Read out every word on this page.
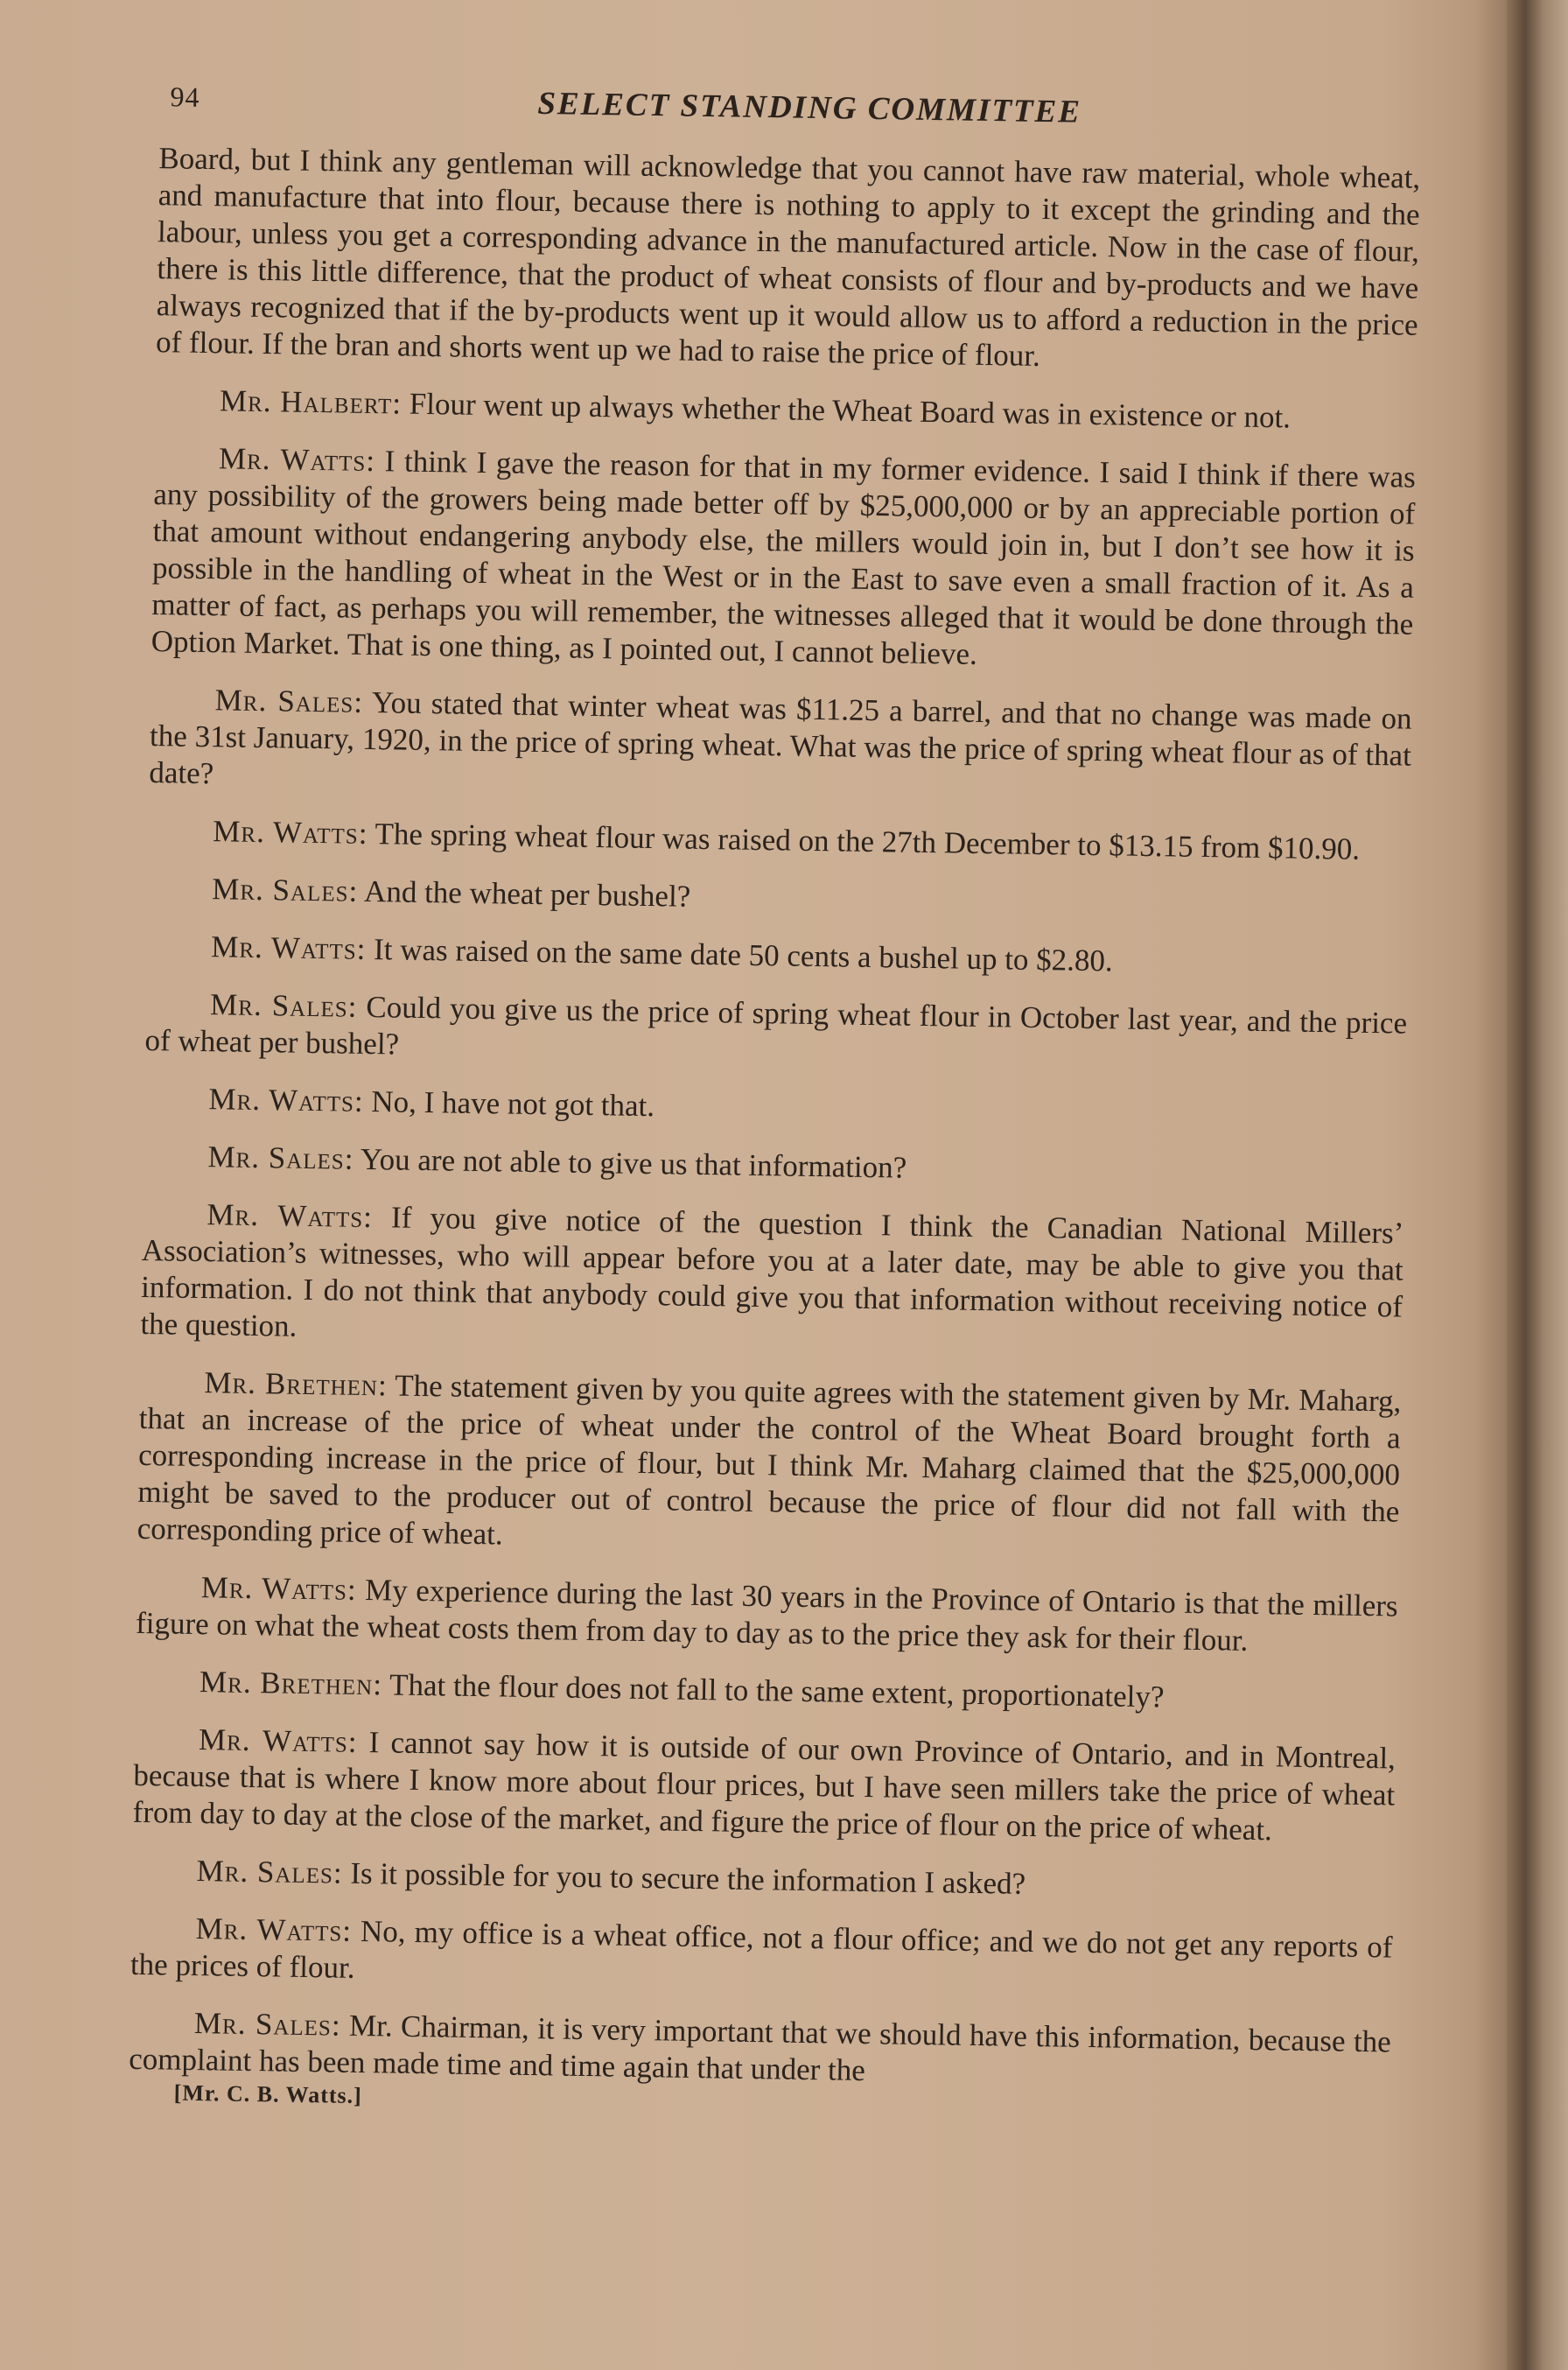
94	SELECT STANDING COMMITTEE

Board, but I think any gentleman will acknowledge that you cannot have raw material, whole wheat, and manufacture that into flour, because there is nothing to apply to it except the grinding and the labour, unless you get a corresponding advance in the manufactured article. Now in the case of flour, there is this little difference, that the product of wheat consists of flour and by-products and we have always recognized that if the by-products went up it would allow us to afford a reduction in the price of flour. If the bran and shorts went up we had to raise the price of flour.

Mr. Halbert: Flour went up always whether the Wheat Board was in existence or not.

Mr. Watts: I think I gave the reason for that in my former evidence. I said I think if there was any possibility of the growers being made better off by $25,000,000 or by an appreciable portion of that amount without endangering anybody else, the millers would join in, but I don’t see how it is possible in the handling of wheat in the West or in the East to save even a small fraction of it. As a matter of fact, as perhaps you will remember, the witnesses alleged that it would be done through the Option Market. That is one thing, as I pointed out, I cannot believe.

Mr. Sales: You stated that winter wheat was $11.25 a barrel, and that no change was made on the 31st January, 1920, in the price of spring wheat. What was the price of spring wheat flour as of that date?

Mr. Watts: The spring wheat flour was raised on the 27th December to $13.15 from $10.90.

Mr. Sales: And the wheat per bushel?

Mr. Watts: It was raised on the same date 50 cents a bushel up to $2.80.

Mr. Sales: Could you give us the price of spring wheat flour in October last year, and the price of wheat per bushel?

Mr. Watts: No, I have not got that.

Mr. Sales: You are not able to give us that information?

Mr. Watts: If you give notice of the question I think the Canadian National Millers’ Association’s witnesses, who will appear before you at a later date, may be able to give you that information. I do not think that anybody could give you that information without receiving notice of the question.

Mr. Brethen: The statement given by you quite agrees with the statement given by Mr. Maharg, that an increase of the price of wheat under the control of the Wheat Board brought forth a corresponding increase in the price of flour, but I think Mr. Maharg claimed that the $25,000,000 might be saved to the producer out of control because the price of flour did not fall with the corresponding price of wheat.

Mr. Watts: My experience during the last 30 years in the Province of Ontario is that the millers figure on what the wheat costs them from day to day as to the price they ask for their flour.

Mr. Brethen: That the flour does not fall to the same extent, proportionately?

Mr. Watts: I cannot say how it is outside of our own Province of Ontario, and in Montreal, because that is where I know more about flour prices, but I have seen millers take the price of wheat from day to day at the close of the market, and figure the price of flour on the price of wheat.

Mr. Sales: Is it possible for you to secure the information I asked?

Mr. Watts: No, my office is a wheat office, not a flour office; and we do not get any reports of the prices of flour.

Mr. Sales: Mr. Chairman, it is very important that we should have this information, because the complaint has been made time and time again that under the

[Mr. C. B. Watts.]
